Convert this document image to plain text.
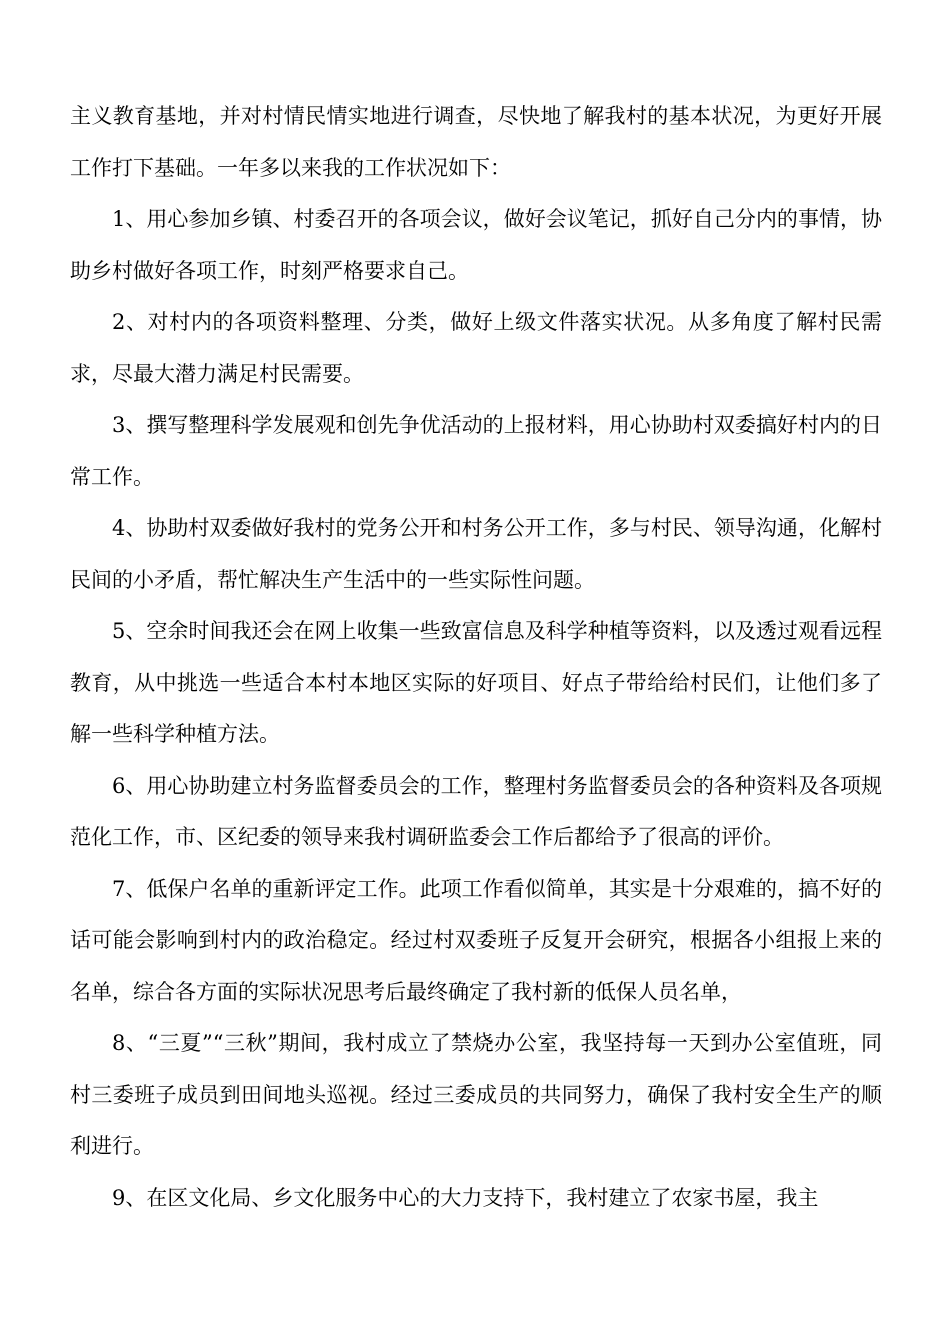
主义教育基地，并对村情民情实地进行调查，尽快地了解我村的基本状况，为更好开展工作打下基础。一年多以来我的工作状况如下：

1、用心参加乡镇、村委召开的各项会议，做好会议笔记，抓好自己分内的事情，协助乡村做好各项工作，时刻严格要求自己。

2、对村内的各项资料整理、分类，做好上级文件落实状况。从多角度了解村民需求，尽最大潜力满足村民需要。

3、撰写整理科学发展观和创先争优活动的上报材料，用心协助村双委搞好村内的日常工作。

4、协助村双委做好我村的党务公开和村务公开工作，多与村民、领导沟通，化解村民间的小矛盾，帮忙解决生产生活中的一些实际性问题。

5、空余时间我还会在网上收集一些致富信息及科学种植等资料，以及透过观看远程教育，从中挑选一些适合本村本地区实际的好项目、好点子带给给村民们，让他们多了解一些科学种植方法。

6、用心协助建立村务监督委员会的工作，整理村务监督委员会的各种资料及各项规范化工作，市、区纪委的领导来我村调研监委会工作后都给予了很高的评价。

7、低保户名单的重新评定工作。此项工作看似简单，其实是十分艰难的，搞不好的话可能会影响到村内的政治稳定。经过村双委班子反复开会研究，根据各小组报上来的名单，综合各方面的实际状况思考后最终确定了我村新的低保人员名单，

8、“三夏”“三秋”期间，我村成立了禁烧办公室，我坚持每一天到办公室值班，同村三委班子成员到田间地头巡视。经过三委成员的共同努力，确保了我村安全生产的顺利进行。

9、在区文化局、乡文化服务中心的大力支持下，我村建立了农家书屋，我主
